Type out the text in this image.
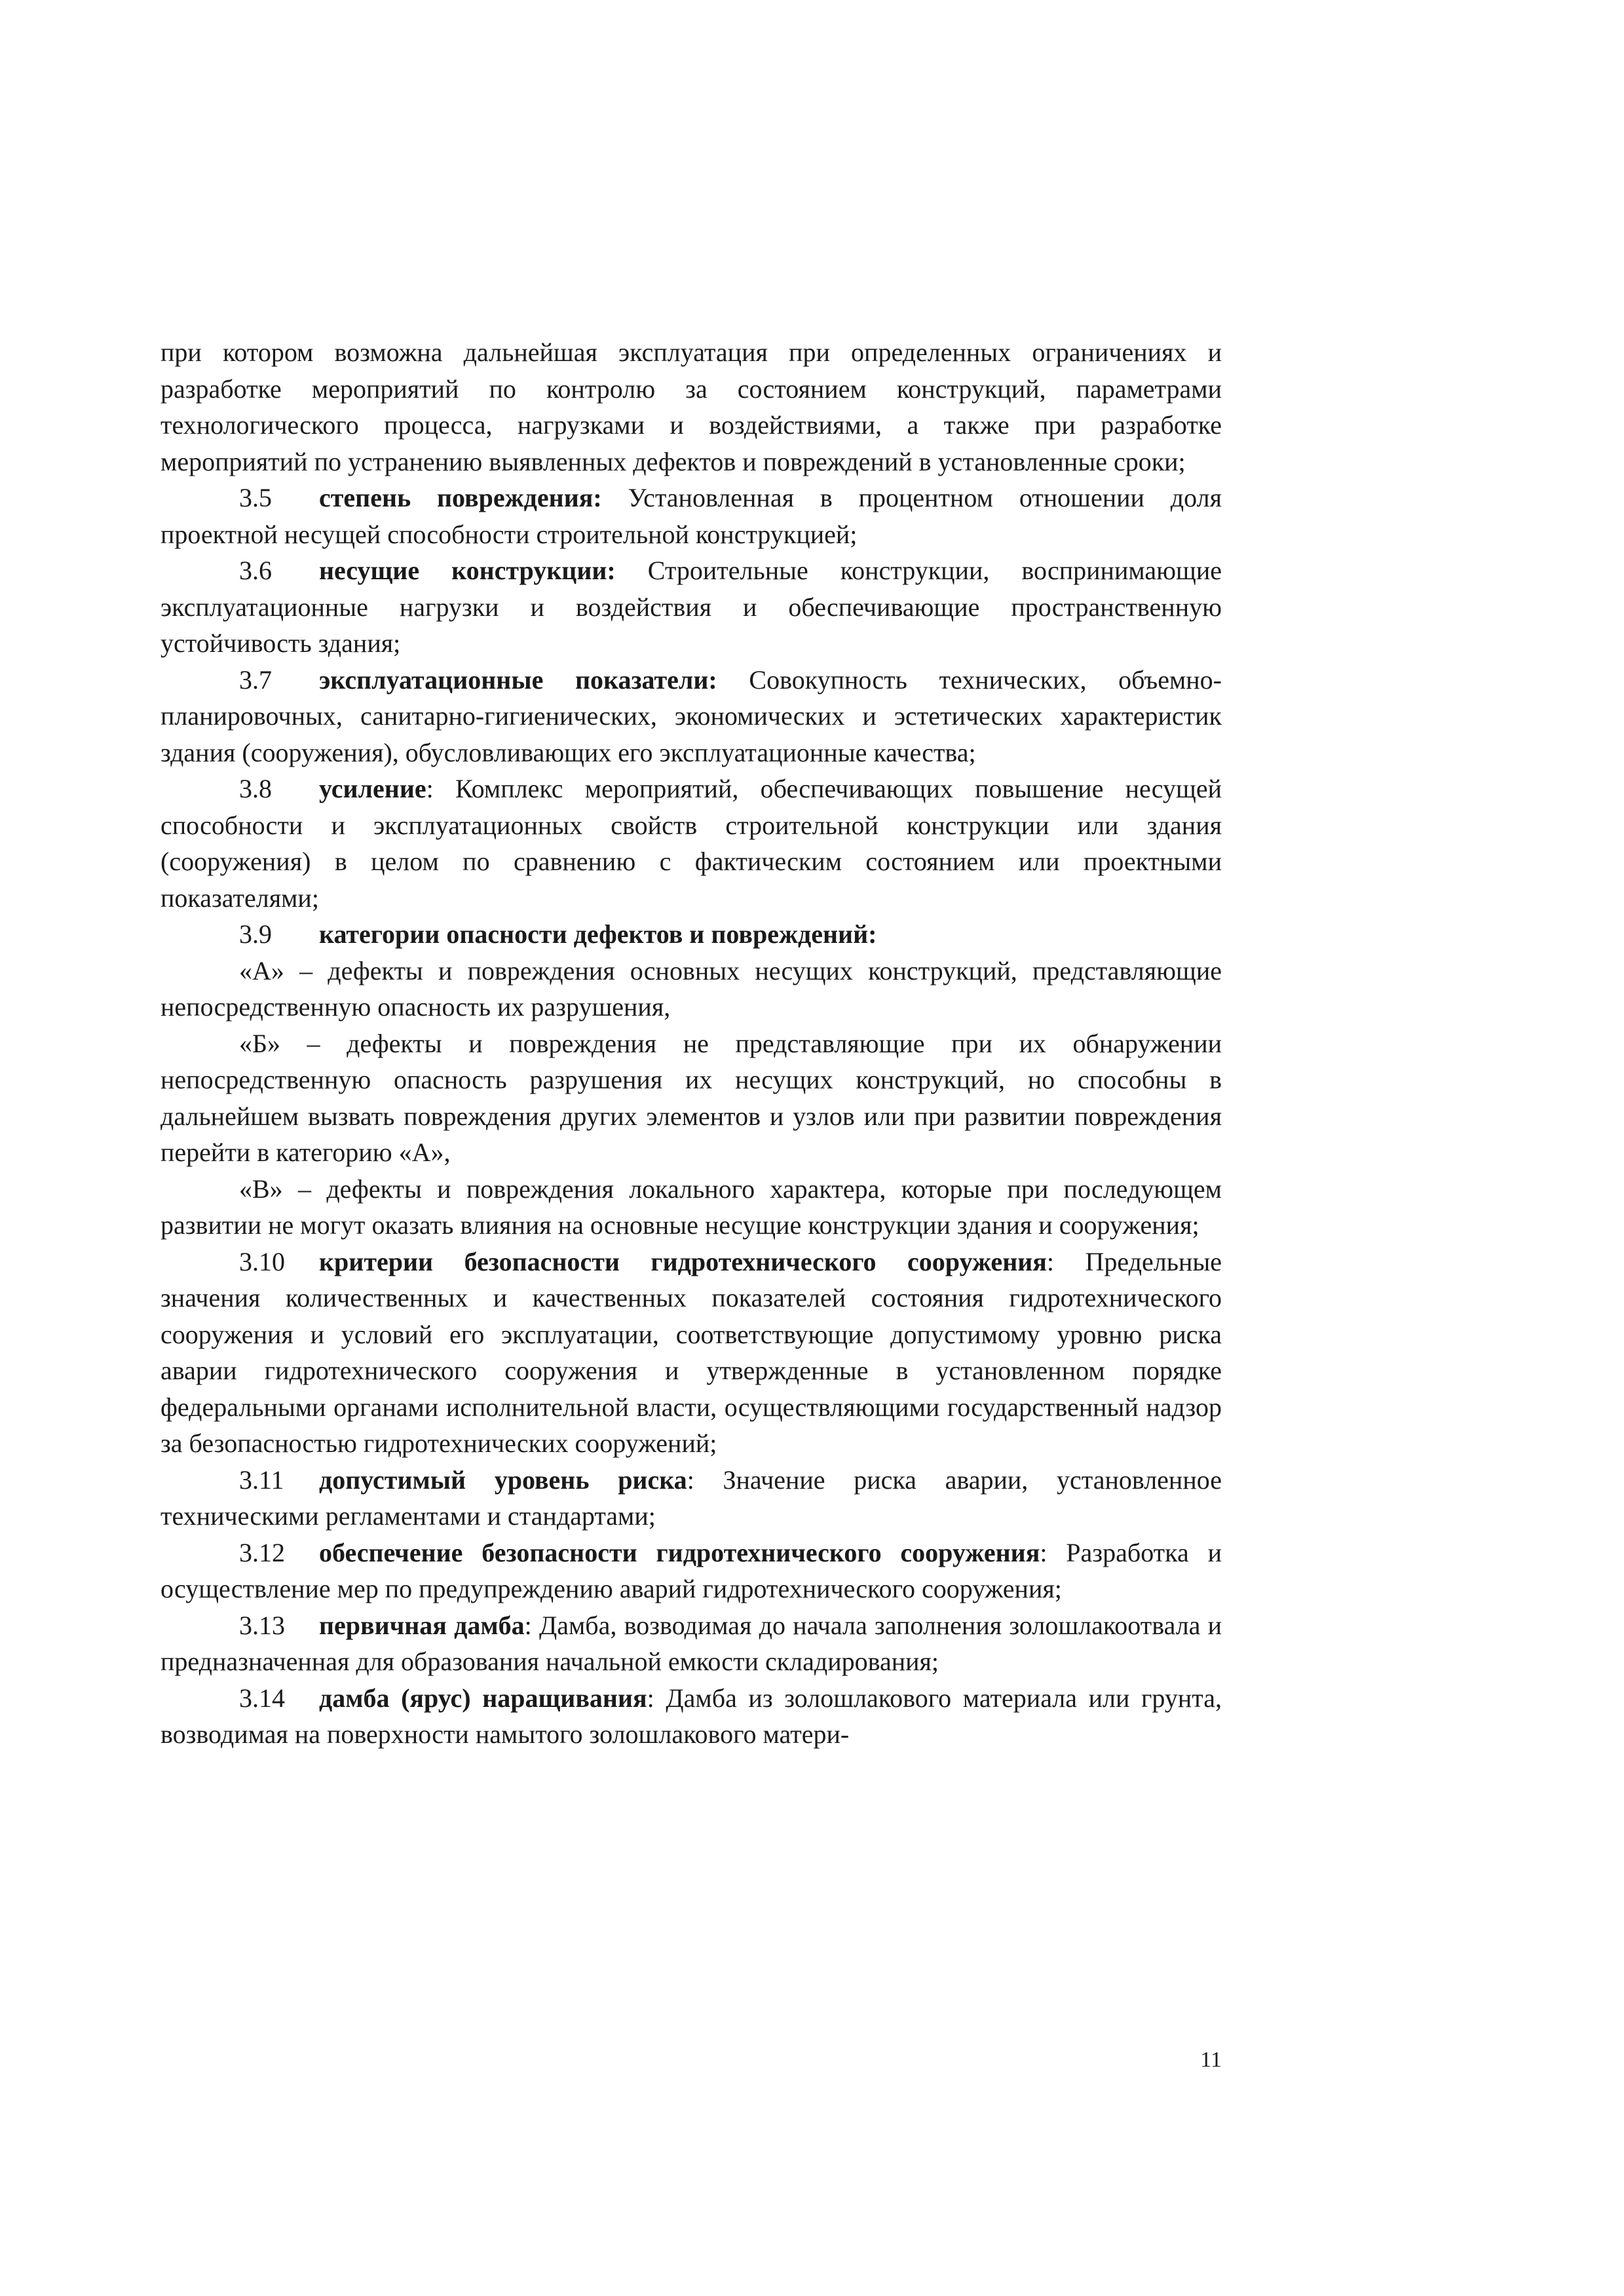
при котором возможна дальнейшая эксплуатация при определенных ограничениях и разработке мероприятий по контролю за состоянием конструкций, параметрами технологического процесса, нагрузками и воздействиями, а также при разработке мероприятий по устранению выявленных дефектов и повреждений в установленные сроки;

3.5 степень повреждения: Установленная в процентном отношении доля проектной несущей способности строительной конструкцией;

3.6 несущие конструкции: Строительные конструкции, воспринимающие эксплуатационные нагрузки и воздействия и обеспечивающие пространственную устойчивость здания;

3.7 эксплуатационные показатели: Совокупность технических, объемно-планировочных, санитарно-гигиенических, экономических и эстетических характеристик здания (сооружения), обусловливающих его эксплуатационные качества;

3.8 усиление: Комплекс мероприятий, обеспечивающих повышение несущей способности и эксплуатационных свойств строительной конструкции или здания (сооружения) в целом по сравнению с фактическим состоянием или проектными показателями;

3.9 категории опасности дефектов и повреждений:

«А» – дефекты и повреждения основных несущих конструкций, представляющие непосредственную опасность их разрушения,

«Б» – дефекты и повреждения не представляющие при их обнаружении непосредственную опасность разрушения их несущих конструкций, но способны в дальнейшем вызвать повреждения других элементов и узлов или при развитии повреждения перейти в категорию «А»,

«В» – дефекты и повреждения локального характера, которые при последующем развитии не могут оказать влияния на основные несущие конструкции здания и сооружения;

3.10 критерии безопасности гидротехнического сооружения: Предельные значения количественных и качественных показателей состояния гидротехнического сооружения и условий его эксплуатации, соответствующие допустимому уровню риска аварии гидротехнического сооружения и утвержденные в установленном порядке федеральными органами исполнительной власти, осуществляющими государственный надзор за безопасностью гидротехнических сооружений;

3.11 допустимый уровень риска: Значение риска аварии, установленное техническими регламентами и стандартами;

3.12 обеспечение безопасности гидротехнического сооружения: Разработка и осуществление мер по предупреждению аварий гидротехнического сооружения;

3.13 первичная дамба: Дамба, возводимая до начала заполнения золошлакоотвала и предназначенная для образования начальной емкости складирования;

3.14 дамба (ярус) наращивания: Дамба из золошлакового материала или грунта, возводимая на поверхности намытого золошлакового матери-

11
